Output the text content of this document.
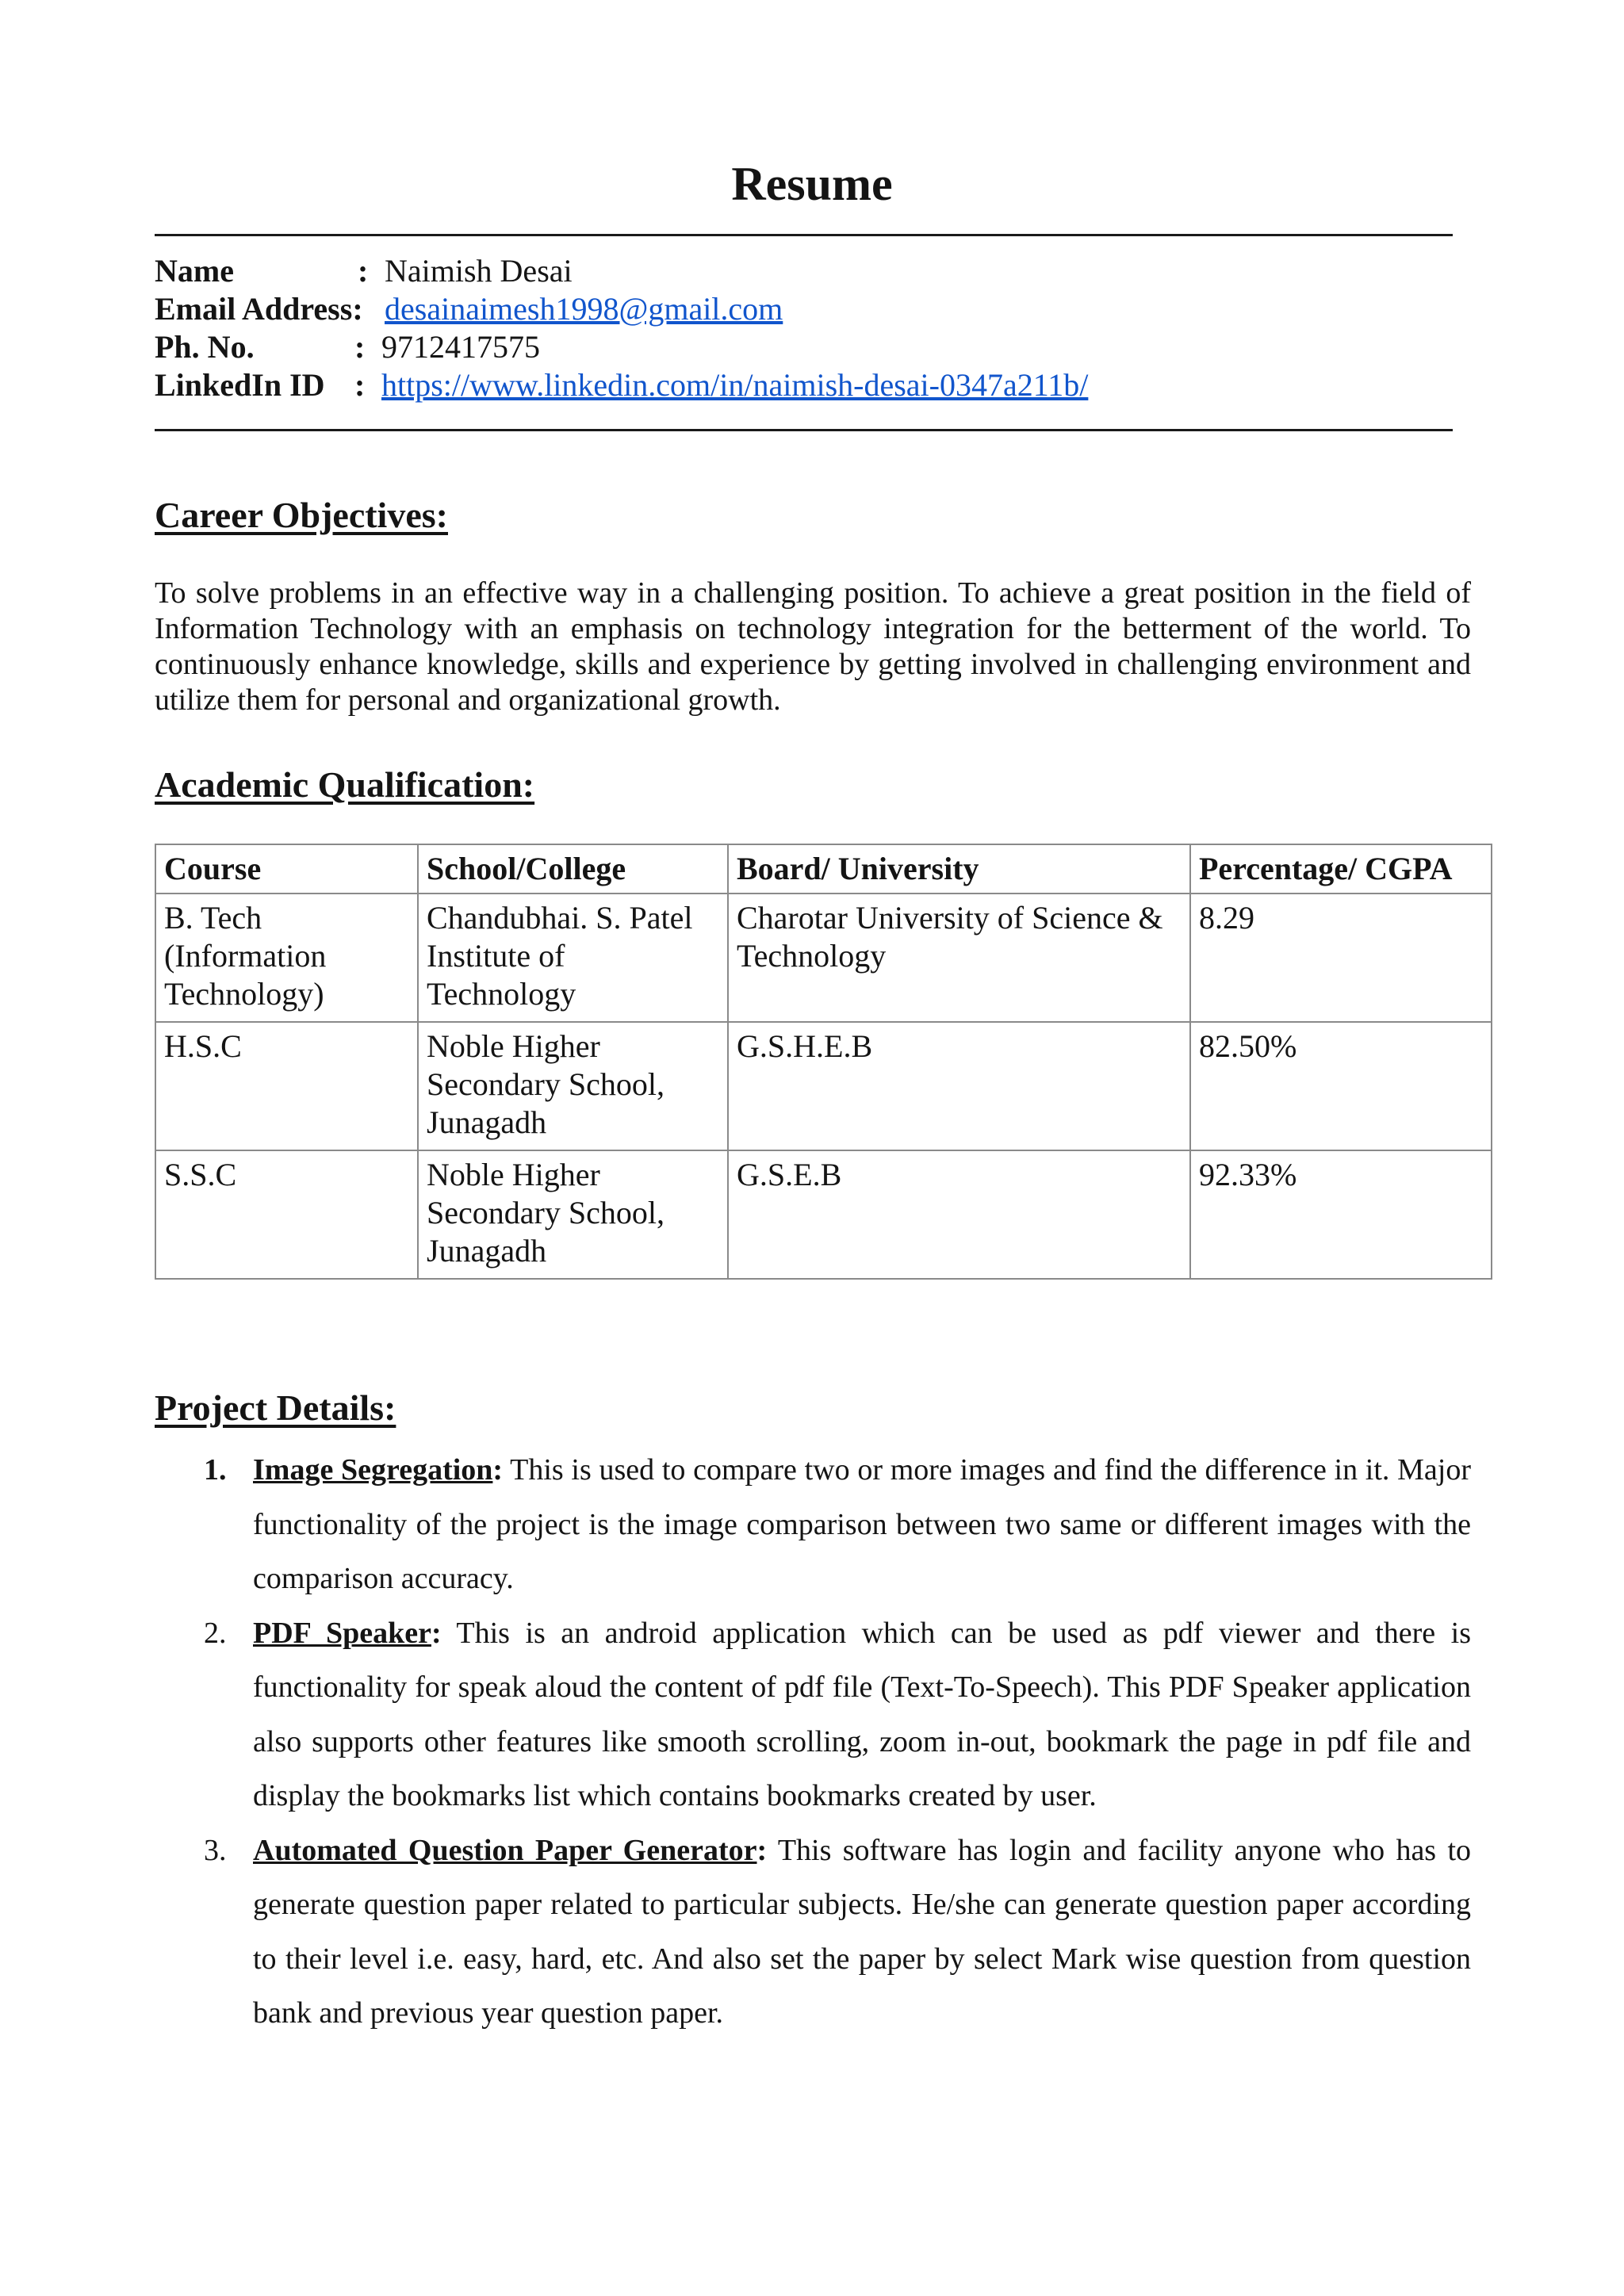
Resume
Name	: Naimish Desai
Email Address: desainaimesh1998@gmail.com
Ph. No.	: 9712417575
LinkedIn ID : https://www.linkedin.com/in/naimish-desai-0347a211b/
Career Objectives:
To solve problems in an effective way in a challenging position. To achieve a great position in the field of Information Technology with an emphasis on technology integration for the betterment of the world. To continuously enhance knowledge, skills and experience by getting involved in challenging environment and utilize them for personal and organizational growth.
Academic Qualification:
Course	School/College	Board/ University	Percentage/ CGPA
B. Tech (Information Technology)	Chandubhai. S. Patel Institute of Technology	Charotar University of Science & Technology	8.29
H.S.C	Noble Higher Secondary School, Junagadh	G.S.H.E.B	82.50%
S.S.C	Noble Higher Secondary School, Junagadh	G.S.E.B	92.33%
Project Details:
1. Image Segregation: This is used to compare two or more images and find the difference in it. Major functionality of the project is the image comparison between two same or different images with the comparison accuracy.
2. PDF Speaker: This is an android application which can be used as pdf viewer and there is functionality for speak aloud the content of pdf file (Text-To-Speech). This PDF Speaker application also supports other features like smooth scrolling, zoom in-out, bookmark the page in pdf file and display the bookmarks list which contains bookmarks created by user.
3. Automated Question Paper Generator: This software has login and facility anyone who has to generate question paper related to particular subjects. He/she can generate question paper according to their level i.e. easy, hard, etc. And also set the paper by select Mark wise question from question bank and previous year question paper.
